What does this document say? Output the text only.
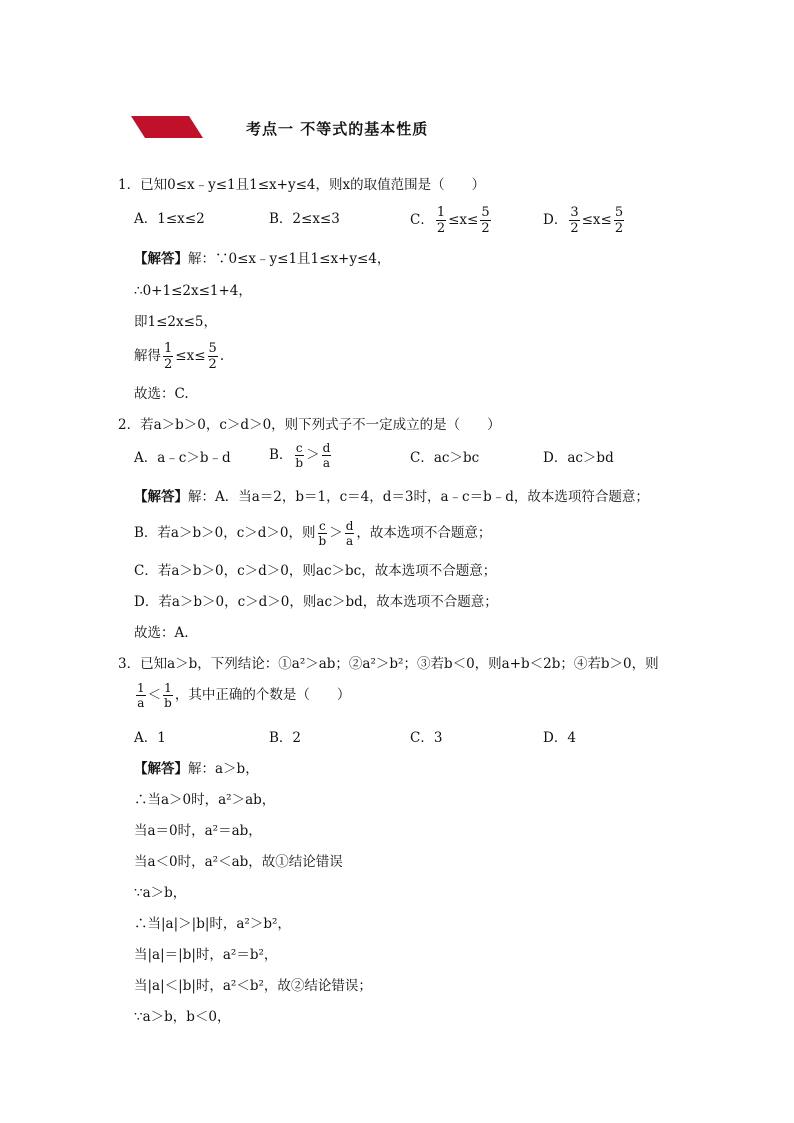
考点一 不等式的基本性质
1．已知0≤x﹣y≤1且1≤x+y≤4，则x的取值范围是（　　）
A．1≤x≤2	B．2≤x≤3	C． $\frac{1}{2} \le x\le \frac{5}{2}$	D． $\frac{3}{2} \le x\le \frac{5}{2}$
【解答】解：∵0≤x﹣y≤1且1≤x+y≤4，
∴0+1≤2x≤1+4，
即1≤2x≤5，
解得 $\frac{1}{2} \le x\le \frac{5}{2}$ .
故选：C.
2．若a＞b＞0，c＞d＞0，则下列式子不一定成立的是（　　）
A．a﹣c＞b﹣d	B． $\frac{c}{b} > \frac{d}{a}$	C．ac＞bc	D．ac＞bd
【解答】解：A．当a＝2，b＝1，c＝4，d＝3时，a﹣c＝b﹣d，故本选项符合题意；
B．若a＞b＞0，c＞d＞0，则 $\frac{c}{b} > \frac{d}{a}$ ，故本选项不合题意；
C．若a＞b＞0，c＞d＞0，则ac＞bc，故本选项不合题意；
D．若a＞b＞0，c＞d＞0，则ac＞bd，故本选项不合题意；
故选：A.
3．已知a＞b，下列结论：①a²＞ab；②a²＞b²；③若b＜0，则a+b＜2b；④若b＞0，则
$\frac{1}{a} < \frac{1}{b}$ ，其中正确的个数是（　　）
A．1	B．2	C．3	D．4
【解答】解：a＞b，
∴当a＞0时，a²＞ab，
当a＝0时，a²＝ab，
当a＜0时，a²＜ab，故①结论错误
∵a＞b，
∴当|a|＞|b|时，a²＞b²，
当|a|＝|b|时，a²＝b²，
当|a|＜|b|时，a²＜b²，故②结论错误；
∵a＞b，b＜0，
